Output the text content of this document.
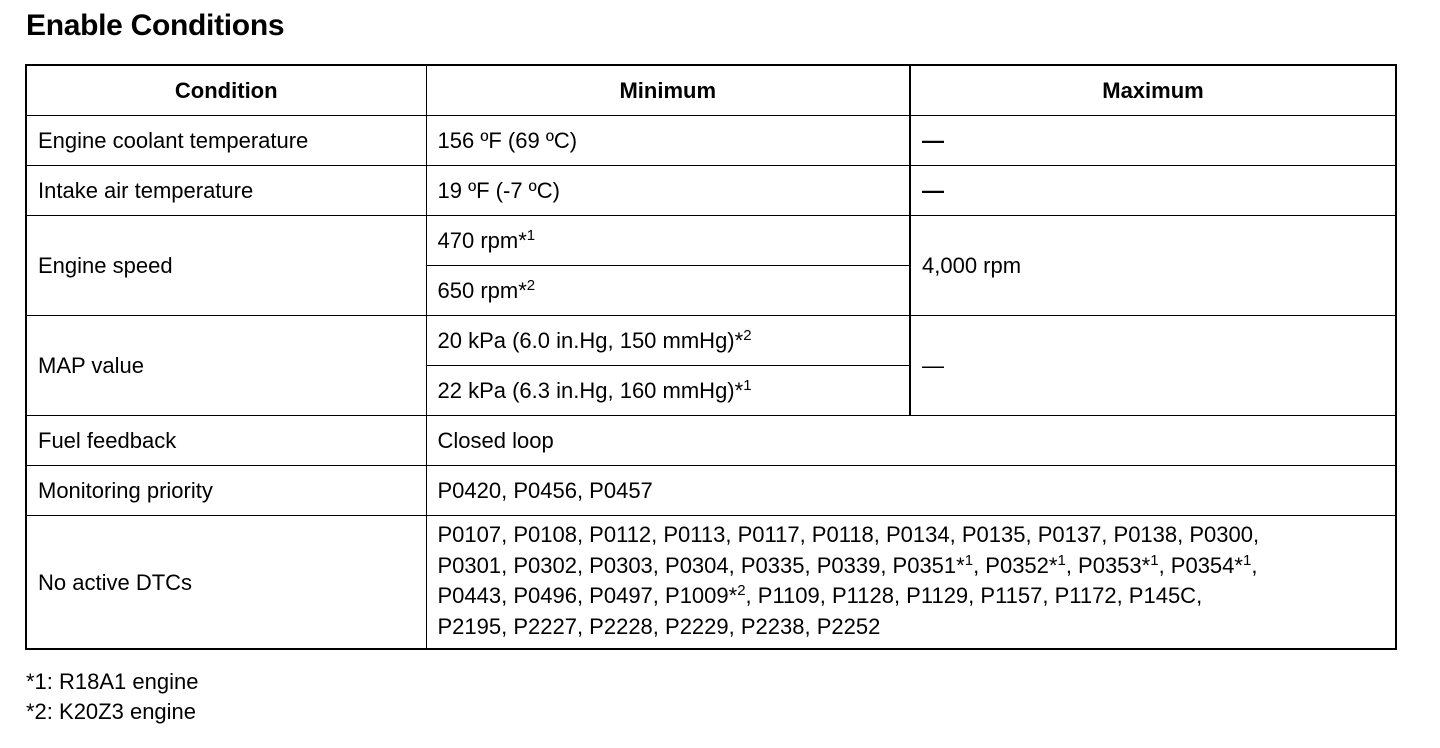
Enable Conditions
Condition	Minimum	Maximum
Engine coolant temperature	156 ºF (69 ºC)	—
Intake air temperature	19 ºF (-7 ºC)	—
Engine speed	470 rpm*$^1$	4,000 rpm
	650 rpm*$^2$
MAP value	20 kPa (6.0 in.Hg, 150 mmHg)*$^2$	—
	22 kPa (6.3 in.Hg, 160 mmHg)*$^1$
Fuel feedback	Closed loop	
Monitoring priority	P0420, P0456, P0457	
No active DTCs	P0107, P0108, P0112, P0113, P0117, P0118, P0134, P0135, P0137, P0138, P0300,
P0301, P0302, P0303, P0304, P0335, P0339, P0351*$^1$, P0352*$^1$, P0353*$^1$, P0354*$^1$,
P0443, P0496, P0497, P1009*$^2$, P1109, P1128, P1129, P1157, P1172, P145C,
P2195, P2227, P2228, P2229, P2238, P2252	
*1: R18A1 engine
*2: K20Z3 engine
